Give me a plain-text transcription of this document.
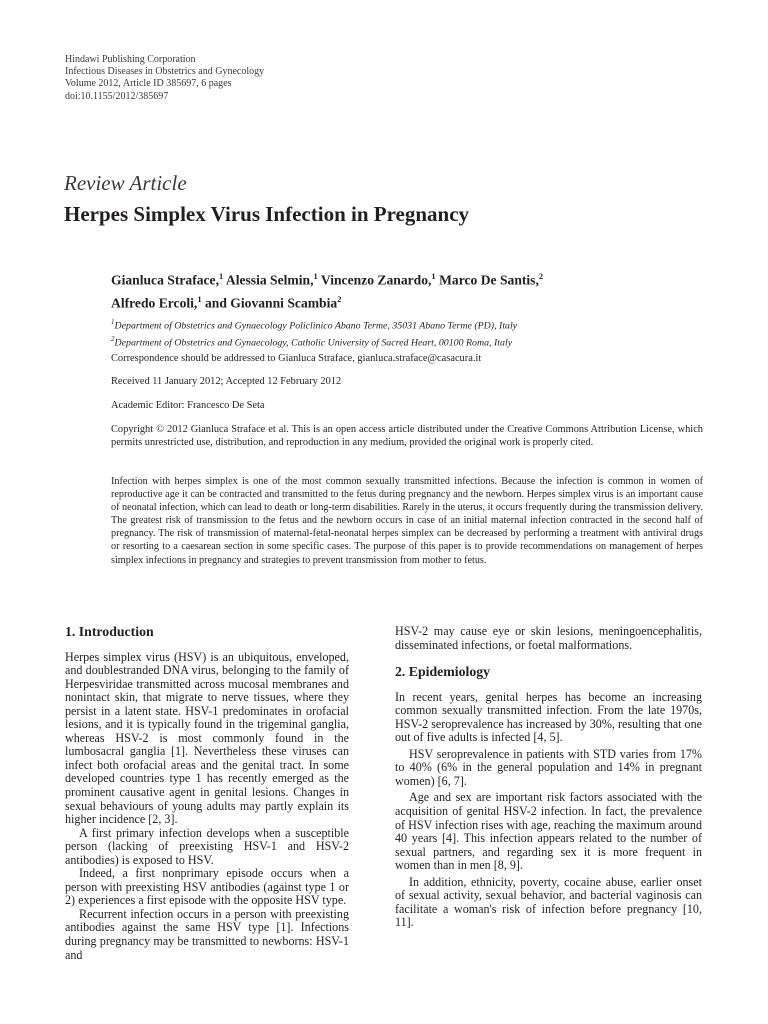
Hindawi Publishing Corporation
Infectious Diseases in Obstetrics and Gynecology
Volume 2012, Article ID 385697, 6 pages
doi:10.1155/2012/385697
Review Article
Herpes Simplex Virus Infection in Pregnancy
Gianluca Straface,$^1$ Alessia Selmin,$^1$ Vincenzo Zanardo,$^1$ Marco De Santis,$^2$
Alfredo Ercoli,$^1$ and Giovanni Scambia$^2$
$^1$Department of Obstetrics and Gynaecology Policlinico Abano Terme, 35031 Abano Terme (PD), Italy
$^2$Department of Obstetrics and Gynaecology, Catholic University of Sacred Heart, 00100 Roma, Italy
Correspondence should be addressed to Gianluca Straface, gianluca.straface@casacura.it
Received 11 January 2012; Accepted 12 February 2012
Academic Editor: Francesco De Seta
Copyright © 2012 Gianluca Straface et al. This is an open access article distributed under the Creative Commons Attribution License, which permits unrestricted use, distribution, and reproduction in any medium, provided the original work is properly cited.
Infection with herpes simplex is one of the most common sexually transmitted infections. Because the infection is common in women of reproductive age it can be contracted and transmitted to the fetus during pregnancy and the newborn. Herpes simplex virus is an important cause of neonatal infection, which can lead to death or long-term disabilities. Rarely in the uterus, it occurs frequently during the transmission delivery. The greatest risk of transmission to the fetus and the newborn occurs in case of an initial maternal infection contracted in the second half of pregnancy. The risk of transmission of maternal-fetal-neonatal herpes simplex can be decreased by performing a treatment with antiviral drugs or resorting to a caesarean section in some specific cases. The purpose of this paper is to provide recommendations on management of herpes simplex infections in pregnancy and strategies to prevent transmission from mother to fetus.
1. Introduction

Herpes simplex virus (HSV) is an ubiquitous, enveloped, and doublestranded DNA virus, belonging to the family of Herpesviridae transmitted across mucosal membranes and nonintact skin, that migrate to nerve tissues, where they persist in a latent state. HSV-1 predominates in orofacial lesions, and it is typically found in the trigeminal ganglia, whereas HSV-2 is most commonly found in the lumbosacral ganglia [1]. Nevertheless these viruses can infect both orofacial areas and the genital tract. In some developed countries type 1 has recently emerged as the prominent causative agent in genital lesions. Changes in sexual behaviours of young adults may partly explain its higher incidence [2, 3].

A first primary infection develops when a susceptible person (lacking of preexisting HSV-1 and HSV-2 antibodies) is exposed to HSV.

Indeed, a first nonprimary episode occurs when a person with preexisting HSV antibodies (against type 1 or 2) experiences a first episode with the opposite HSV type.

Recurrent infection occurs in a person with preexisting antibodies against the same HSV type [1]. Infections during pregnancy may be transmitted to newborns: HSV-1 and

HSV-2 may cause eye or skin lesions, meningoencephalitis, disseminated infections, or foetal malformations.

2. Epidemiology

In recent years, genital herpes has become an increasing common sexually transmitted infection. From the late 1970s, HSV-2 seroprevalence has increased by 30%, resulting that one out of five adults is infected [4, 5].

HSV seroprevalence in patients with STD varies from 17% to 40% (6% in the general population and 14% in pregnant women) [6, 7].

Age and sex are important risk factors associated with the acquisition of genital HSV-2 infection. In fact, the prevalence of HSV infection rises with age, reaching the maximum around 40 years [4]. This infection appears related to the number of sexual partners, and regarding sex it is more frequent in women than in men [8, 9].

In addition, ethnicity, poverty, cocaine abuse, earlier onset of sexual activity, sexual behavior, and bacterial vaginosis can facilitate a woman's risk of infection before pregnancy [10, 11].
